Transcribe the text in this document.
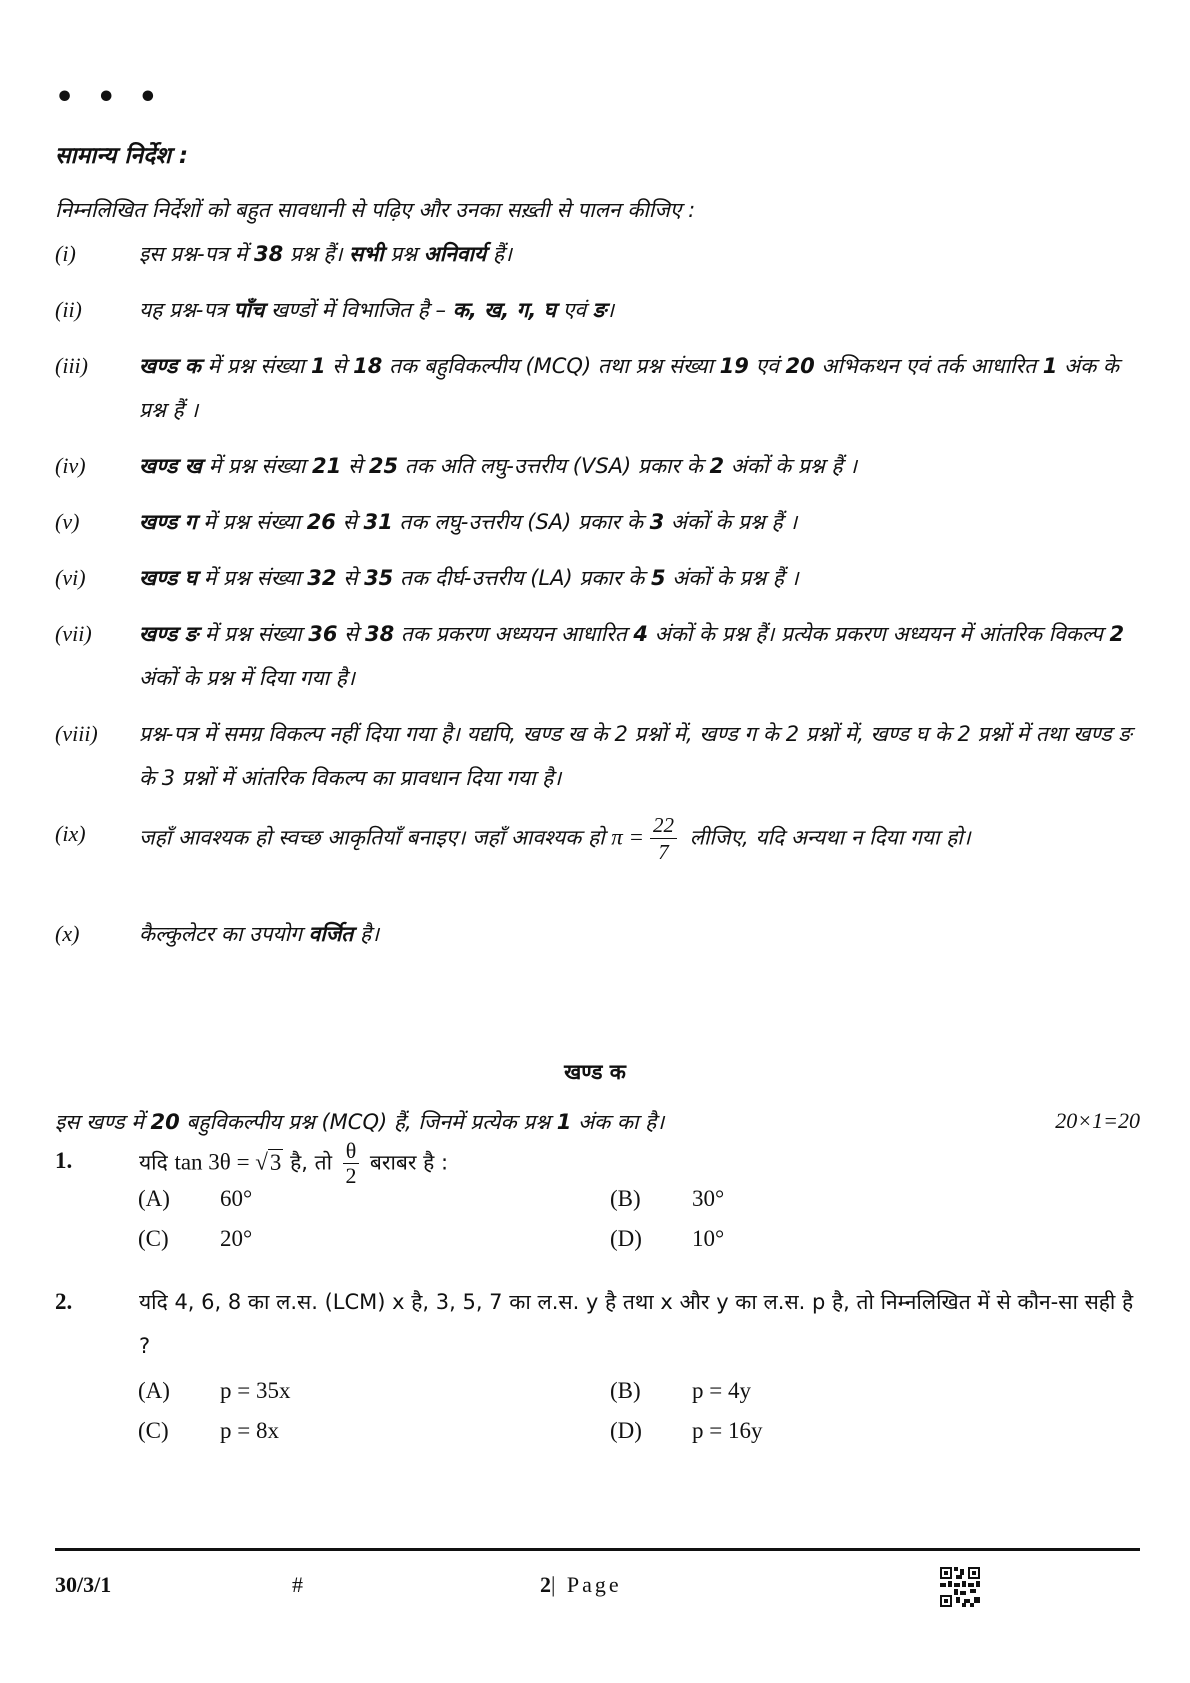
• • •
सामान्य निर्देश :
निम्नलिखित निर्देशों को बहुत सावधानी से पढ़िए और उनका सख़्ती से पालन कीजिए :
(i)	इस प्रश्न-पत्र में 38 प्रश्न हैं। सभी प्रश्न अनिवार्य हैं।
(ii)	यह प्रश्न-पत्र पाँच खण्डों में विभाजित है – क, ख, ग, घ एवं ङ।
(iii) खण्ड क में प्रश्न संख्या 1 से 18 तक बहुविकल्पीय (MCQ) तथा प्रश्न संख्या 19 एवं 20 अभिकथन एवं तर्क आधारित 1 अंक के प्रश्न हैं ।
(iv)	खण्ड ख में प्रश्न संख्या 21 से 25 तक अति लघु-उत्तरीय (VSA) प्रकार के 2 अंकों के प्रश्न हैं ।
(v)	खण्ड ग में प्रश्न संख्या 26 से 31 तक लघु-उत्तरीय (SA) प्रकार के 3 अंकों के प्रश्न हैं ।
(vi)	खण्ड घ में प्रश्न संख्या 32 से 35 तक दीर्घ-उत्तरीय (LA) प्रकार के 5 अंकों के प्रश्न हैं ।
(vii) खण्ड ङ में प्रश्न संख्या 36 से 38 तक प्रकरण अध्ययन आधारित 4 अंकों के प्रश्न हैं। प्रत्येक प्रकरण अध्ययन में आंतरिक विकल्प 2 अंकों के प्रश्न में दिया गया है।
(viii) प्रश्न-पत्र में समग्र विकल्प नहीं दिया गया है। यद्यपि, खण्ड ख के 2 प्रश्नों में, खण्ड ग के 2 प्रश्नों में, खण्ड घ के 2 प्रश्नों में तथा खण्ड ङ के 3 प्रश्नों में आंतरिक विकल्प का प्रावधान दिया गया है।
(ix)	जहाँ आवश्यक हो स्वच्छ आकृतियाँ बनाइए। जहाँ आवश्यक हो $\pi = \frac{22}{7}$ लीजिए, यदि अन्यथा न दिया गया हो।
(x)	कैल्कुलेटर का उपयोग वर्जित है।
खण्ड क
इस खण्ड में 20 बहुविकल्पीय प्रश्न (MCQ) हैं, जिनमें प्रत्येक प्रश्न 1 अंक का है।	20×1=20
1.	यदि tan 3θ = √3 है, तो $\frac{\theta}{2}$ बराबर है :
(A) 60°	(B) 30°
(C) 20°	(D) 10°
2.	यदि 4, 6, 8 का ल.स. (LCM) x है, 3, 5, 7 का ल.स. y है तथा x और y का ल.स. p है, तो निम्नलिखित में से कौन-सा सही है ?
(A) p = 35x	(B) p = 4y
(C) p = 8x	(D) p = 16y
30/3/1	#	2| Page
